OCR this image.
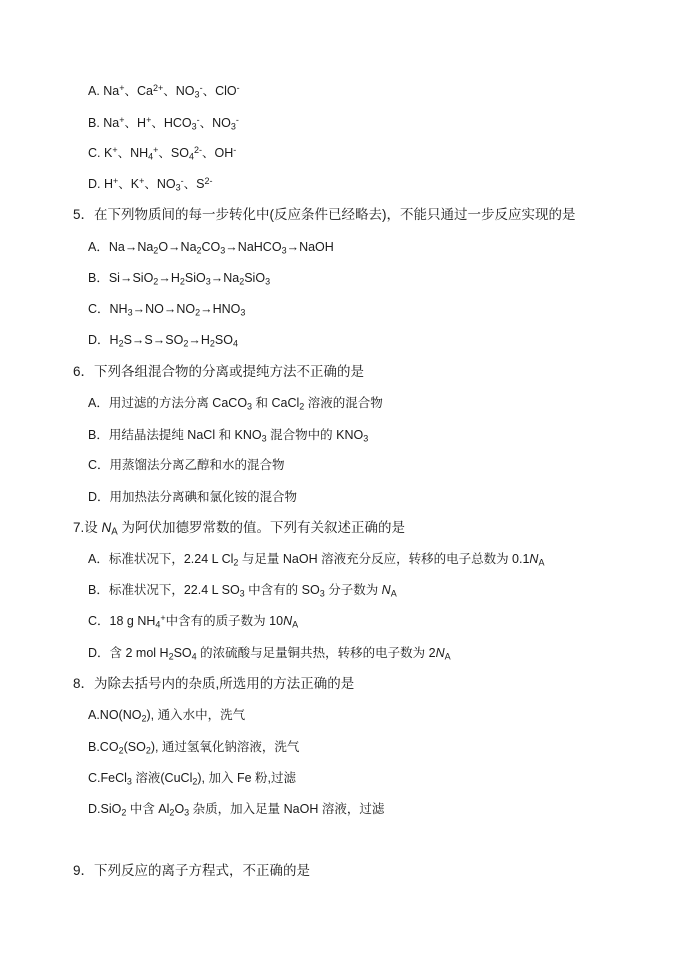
A. Na+、$Ca^{2+}$、$NO_3^-$、ClO-
B. Na+、H+、$HCO_3^-$、$NO_3^-$
C. K+、$NH_4^+$、$SO_4^{2-}$、OH-
D. H+、K+、$NO_3^-$、$S^{2-}$
5．在下列物质间的每一步转化中(反应条件已经略去)，不能只通过一步反应实现的是
A．$Na\to Na_2O\to Na_2CO_3\to NaHCO_3\to NaOH$
B．$Si\to SiO_2\to H_2SiO_3\to Na_2SiO_3$
C．$NH_3\to NO\to NO_2\to HNO_3$
D．$H_2S\to S\to SO_2\to H_2SO_4$
6．下列各组混合物的分离或提纯方法不正确的是
A．用过滤的方法分离 CaCO$_3$ 和 CaCl$_2$ 溶液的混合物
B．用结晶法提纯 NaCl 和 $KNO_3$ 混合物中的 $KNO_3$
C．用蒸馏法分离乙醇和水的混合物
D．用加热法分离碘和氯化铵的混合物
7.设 $N_A$ 为阿伏加德罗常数的值。下列有关叙述正确的是
A．标准状况下，2.24 L $Cl_2$ 与足量 NaOH 溶液充分反应，转移的电子总数为 $0.1N_A$
B．标准状况下，22.4 L $SO_3$ 中含有的 $SO_3$ 分子数为 $N_A$
C．18 g $NH_4^+$中含有的质子数为 $10N_A$
D．含 2 mol $H_2SO_4$ 的浓硫酸与足量铜共热，转移的电子数为 $2N_A$
8．为除去括号内的杂质,所选用的方法正确的是
$A.NO(NO_2)$, 通入水中，洗气
$B.CO_2(SO_2)$, 通过氢氧化钠溶液，洗气
C.FeCl$_3$ 溶液(CuCl$_2$), 加入 Fe 粉,过滤
D.SiO$_2$ 中含 $Al_2O_3$ 杂质，加入足量 NaOH 溶液，过滤
9．下列反应的离子方程式，不正确的是
